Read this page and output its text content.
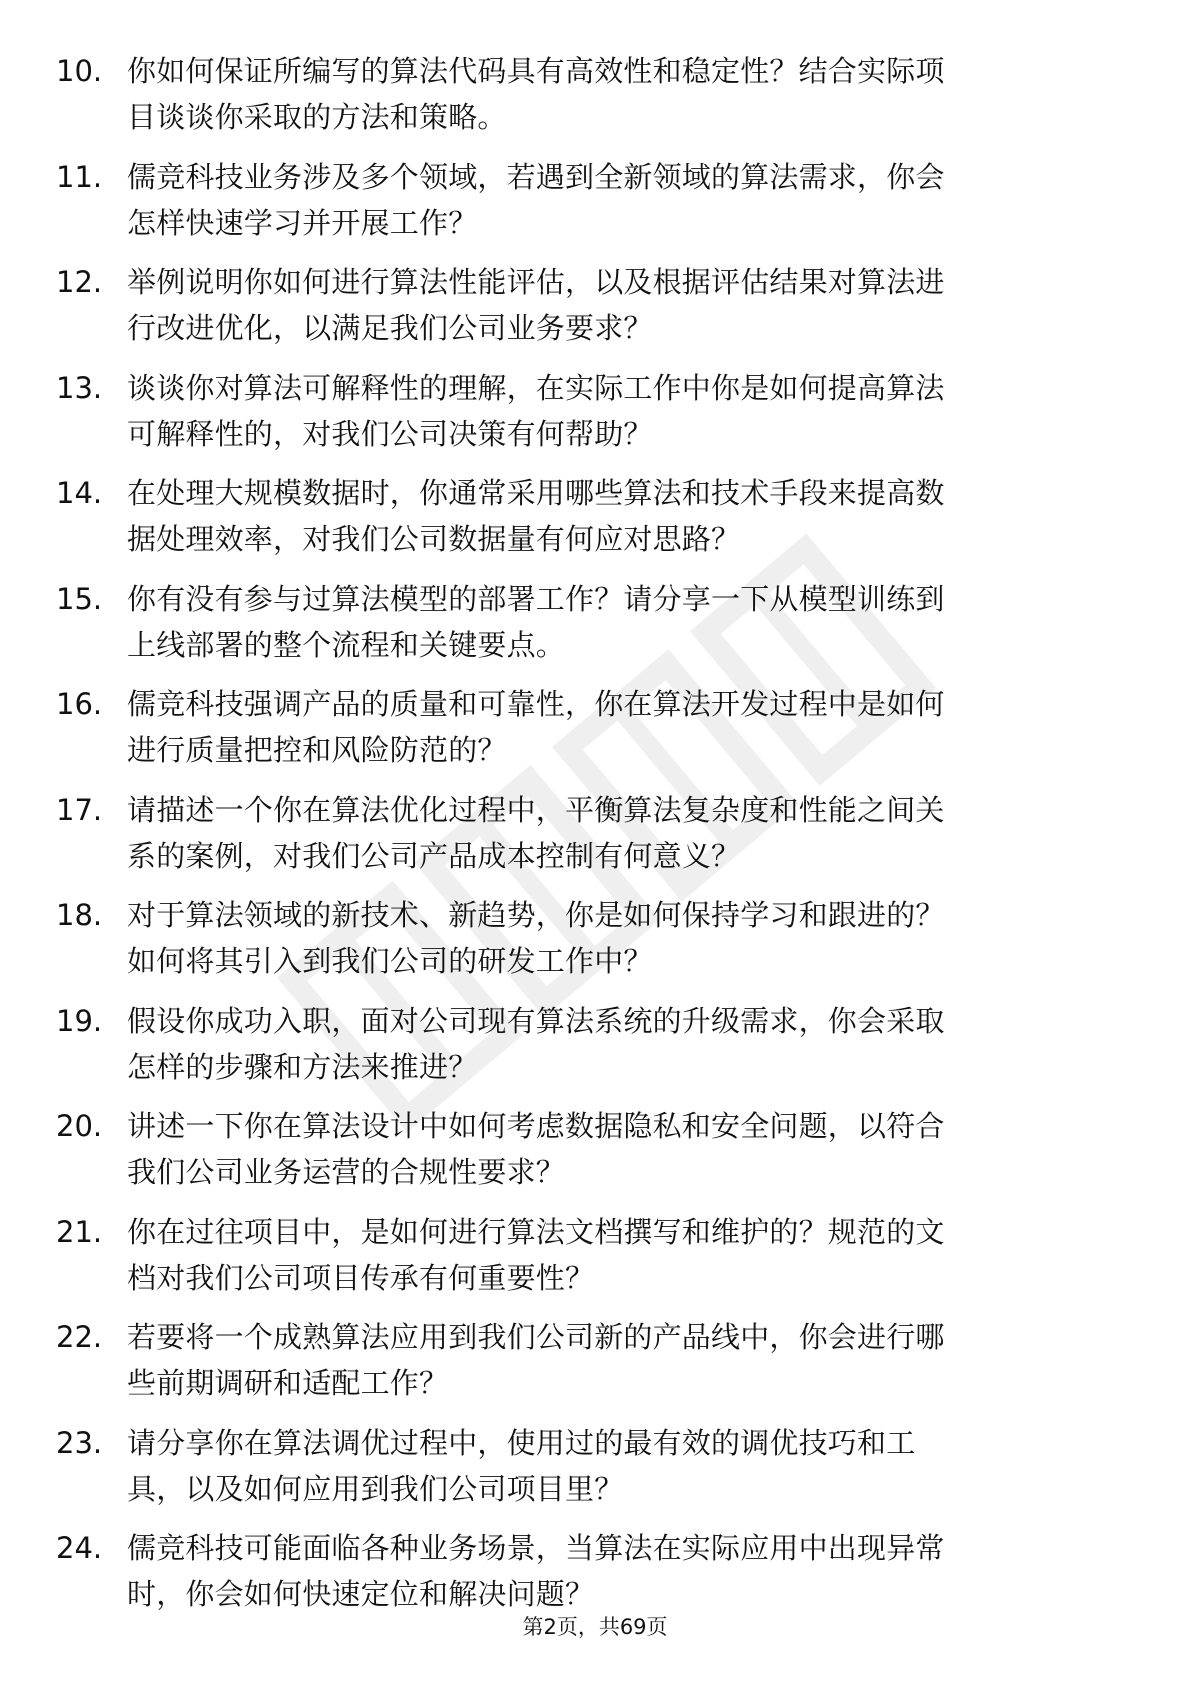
10. 你如何保证所编写的算法代码具有高效性和稳定性？结合实际项
目谈谈你采取的方法和策略。
11. 儒竞科技业务涉及多个领域，若遇到全新领域的算法需求，你会
怎样快速学习并开展工作？
12. 举例说明你如何进行算法性能评估，以及根据评估结果对算法进
行改进优化，以满足我们公司业务要求？
13. 谈谈你对算法可解释性的理解，在实际工作中你是如何提高算法
可解释性的，对我们公司决策有何帮助？
14. 在处理大规模数据时，你通常采用哪些算法和技术手段来提高数
据处理效率，对我们公司数据量有何应对思路？
15. 你有没有参与过算法模型的部署工作？请分享一下从模型训练到
上线部署的整个流程和关键要点。
16. 儒竞科技强调产品的质量和可靠性，你在算法开发过程中是如何
进行质量把控和风险防范的？
17. 请描述一个你在算法优化过程中，平衡算法复杂度和性能之间关
系的案例，对我们公司产品成本控制有何意义？
18. 对于算法领域的新技术、新趋势，你是如何保持学习和跟进的？
如何将其引入到我们公司的研发工作中？
19. 假设你成功入职，面对公司现有算法系统的升级需求，你会采取
怎样的步骤和方法来推进？
20. 讲述一下你在算法设计中如何考虑数据隐私和安全问题，以符合
我们公司业务运营的合规性要求？
21. 你在过往项目中，是如何进行算法文档撰写和维护的？规范的文
档对我们公司项目传承有何重要性？
22. 若要将一个成熟算法应用到我们公司新的产品线中，你会进行哪
些前期调研和适配工作？
23. 请分享你在算法调优过程中，使用过的最有效的调优技巧和工
具，以及如何应用到我们公司项目里？
24. 儒竞科技可能面临各种业务场景，当算法在实际应用中出现异常
时，你会如何快速定位和解决问题？
第2页，共69页
